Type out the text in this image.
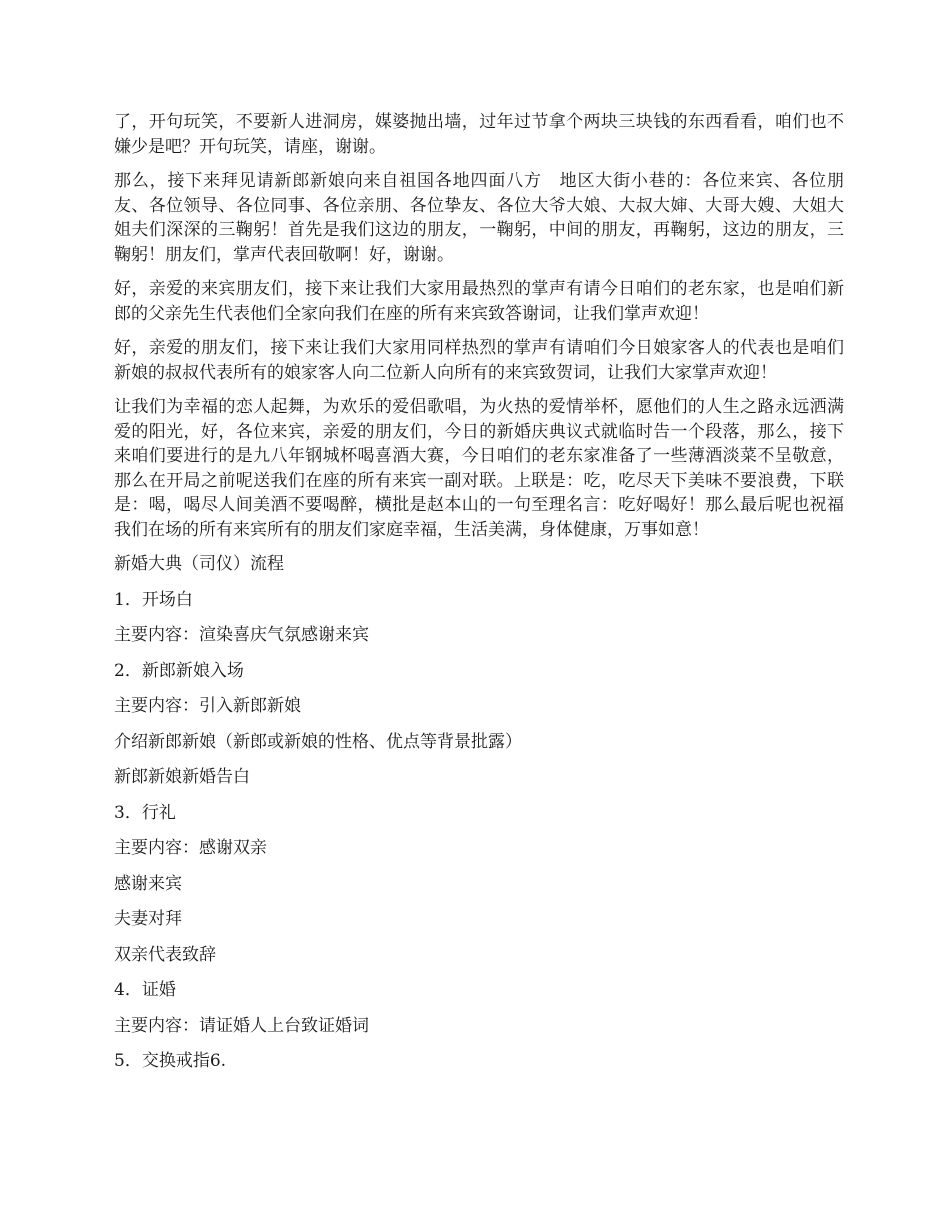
了，开句玩笑，不要新人进洞房，媒婆抛出墙，过年过节拿个两块三块钱的东西看看，咱们也不嫌少是吧？开句玩笑，请座，谢谢。

那么，接下来拜见请新郎新娘向来自祖国各地四面八方　地区大街小巷的：各位来宾、各位朋友、各位领导、各位同事、各位亲朋、各位挚友、各位大爷大娘、大叔大婶、大哥大嫂、大姐大姐夫们深深的三鞠躬！首先是我们这边的朋友，一鞠躬，中间的朋友，再鞠躬，这边的朋友，三鞠躬！朋友们，掌声代表回敬啊！好，谢谢。

好，亲爱的来宾朋友们，接下来让我们大家用最热烈的掌声有请今日咱们的老东家，也是咱们新郎的父亲先生代表他们全家向我们在座的所有来宾致答谢词，让我们掌声欢迎！

好，亲爱的朋友们，接下来让我们大家用同样热烈的掌声有请咱们今日娘家客人的代表也是咱们新娘的叔叔代表所有的娘家客人向二位新人向所有的来宾致贺词，让我们大家掌声欢迎！

让我们为幸福的恋人起舞，为欢乐的爱侣歌唱，为火热的爱情举杯，愿他们的人生之路永远洒满爱的阳光，好，各位来宾，亲爱的朋友们，今日的新婚庆典议式就临时告一个段落，那么，接下来咱们要进行的是九八年钢城杯喝喜酒大赛，今日咱们的老东家准备了一些薄酒淡菜不呈敬意，那么在开局之前呢送我们在座的所有来宾一副对联。上联是：吃，吃尽天下美味不要浪费，下联是：喝，喝尽人间美酒不要喝醉，横批是赵本山的一句至理名言：吃好喝好！那么最后呢也祝福我们在场的所有来宾所有的朋友们家庭幸福，生活美满，身体健康，万事如意！

新婚大典（司仪）流程
1．开场白
主要内容：渲染喜庆气氛感谢来宾
2．新郎新娘入场
主要内容：引入新郎新娘
介绍新郎新娘（新郎或新娘的性格、优点等背景批露）
新郎新娘新婚告白
3．行礼
主要内容：感谢双亲
感谢来宾
夫妻对拜
双亲代表致辞
4．证婚
主要内容：请证婚人上台致证婚词
5．交换戒指6.
